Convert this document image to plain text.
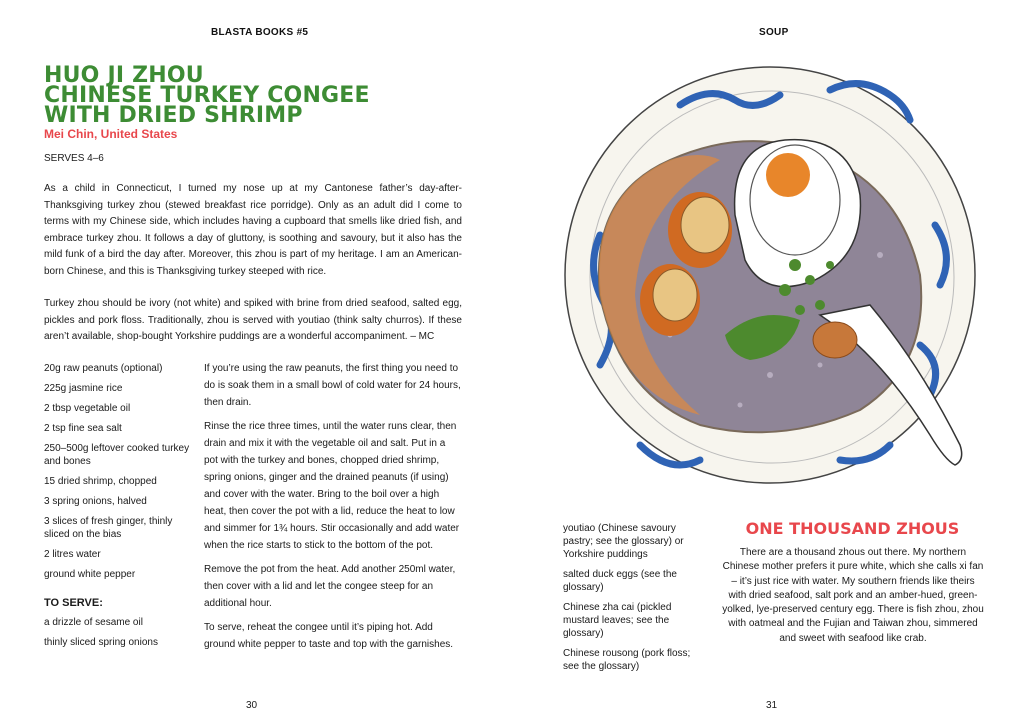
BLASTA BOOKS #5
HUO JI ZHOU
CHINESE TURKEY CONGEE
WITH DRIED SHRIMP
Mei Chin, United States
SERVES 4–6

As a child in Connecticut, I turned my nose up at my Cantonese father’s day-after-Thanksgiving turkey zhou (stewed breakfast rice porridge). Only as an adult did I come to terms with my Chinese side, which includes having a cupboard that smells like dried fish, and embrace turkey zhou. It follows a day of gluttony, is soothing and savoury, but it also has the mild funk of a bird the day after. Moreover, this zhou is part of my heritage. I am an American-born Chinese, and this is Thanksgiving turkey steeped with rice.

Turkey zhou should be ivory (not white) and spiked with brine from dried seafood, salted egg, pickles and pork floss. Traditionally, zhou is served with youtiao (think salty churros). If these aren’t available, shop-bought Yorkshire puddings are a wonderful accompaniment. – MC

20g raw peanuts (optional)
225g jasmine rice
2 tbsp vegetable oil
2 tsp fine sea salt
250–500g leftover cooked turkey and bones
15 dried shrimp, chopped
3 spring onions, halved
3 slices of fresh ginger, thinly sliced on the bias
2 litres water
ground white pepper
TO SERVE:
a drizzle of sesame oil
thinly sliced spring onions

If you’re using the raw peanuts, the first thing you need to do is soak them in a small bowl of cold water for 24 hours, then drain.

Rinse the rice three times, until the water runs clear, then drain and mix it with the vegetable oil and salt. Put in a pot with the turkey and bones, chopped dried shrimp, spring onions, ginger and the drained peanuts (if using) and cover with the water. Bring to the boil over a high heat, then cover the pot with a lid, reduce the heat to low and simmer for 1¾ hours. Stir occasionally and add water when the rice starts to stick to the bottom of the pot.

Remove the pot from the heat. Add another 250ml water, then cover with a lid and let the congee steep for an additional hour.

To serve, reheat the congee until it’s piping hot. Add ground white pepper to taste and top with the garnishes.

30
SOUP
youtiao (Chinese savoury pastry; see the glossary) or Yorkshire puddings
salted duck eggs (see the glossary)
Chinese zha cai (pickled mustard leaves; see the glossary)
Chinese rousong (pork floss; see the glossary)
ONE THOUSAND ZHOUS
There are a thousand zhous out there. My northern Chinese mother prefers it pure white, which she calls xi fan – it’s just rice with water. My southern friends like theirs with dried seafood, salt pork and an amber-hued, green-yolked, lye-preserved century egg. There is fish zhou, zhou with oatmeal and the Fujian and Taiwan zhou, simmered and sweet with seafood like crab.
31
